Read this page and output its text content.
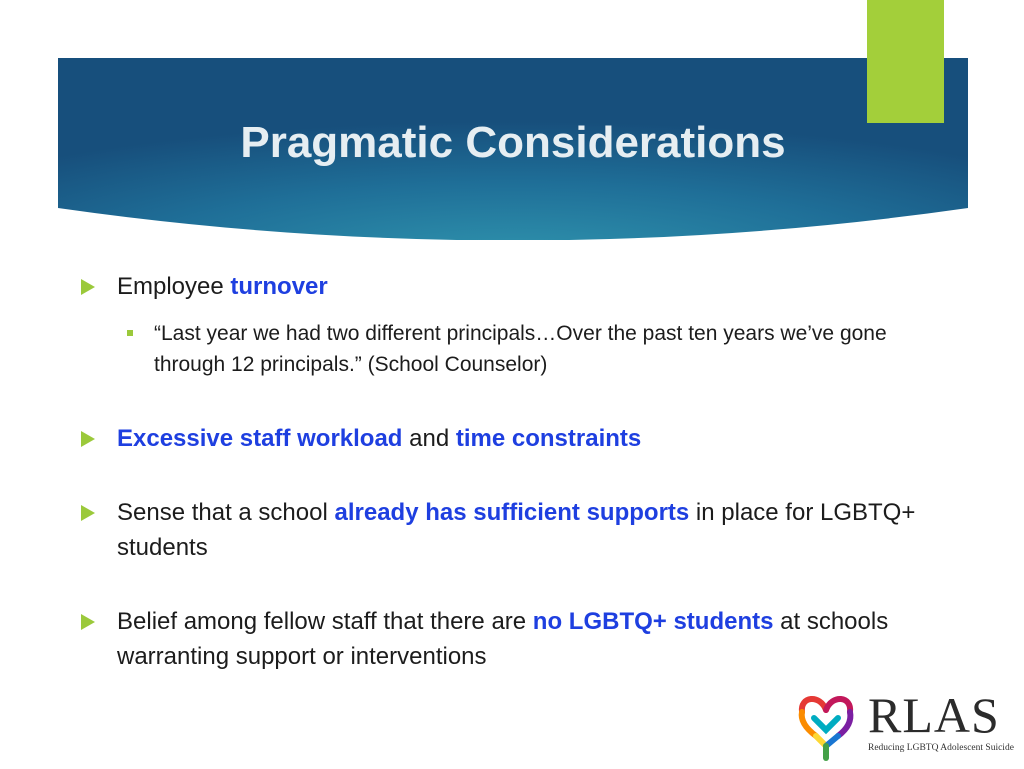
Pragmatic Considerations

Employee turnover

“Last year we had two different principals…Over the past ten years we’ve gone through 12 principals.” (School Counselor)

Excessive staff workload and time constraints

Sense that a school already has sufficient supports in place for LGBTQ+ students

Belief among fellow staff that there are no LGBTQ+ students at schools warranting support or interventions

RLAS
Reducing LGBTQ Adolescent Suicide
